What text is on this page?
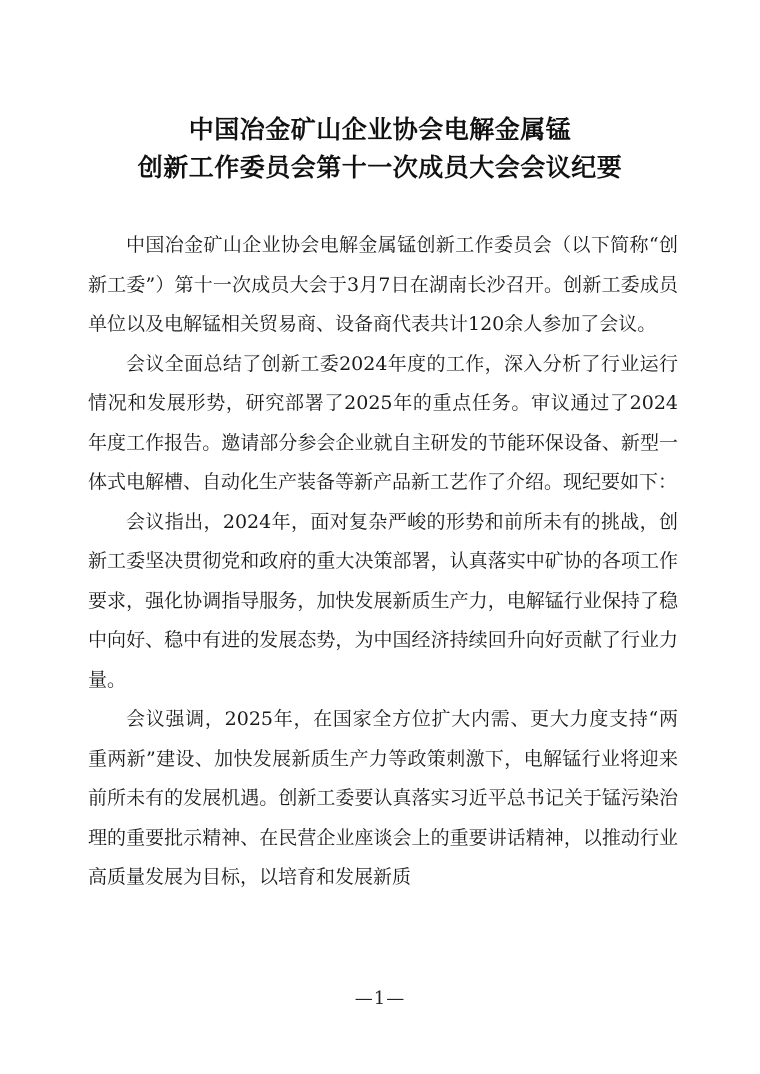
中国冶金矿山企业协会电解金属锰
创新工作委员会第十一次成员大会会议纪要

中国冶金矿山企业协会电解金属锰创新工作委员会（以下简称“创新工委”）第十一次成员大会于3月7日在湖南长沙召开。创新工委成员单位以及电解锰相关贸易商、设备商代表共计120余人参加了会议。

会议全面总结了创新工委2024年度的工作，深入分析了行业运行情况和发展形势，研究部署了2025年的重点任务。审议通过了2024年度工作报告。邀请部分参会企业就自主研发的节能环保设备、新型一体式电解槽、自动化生产装备等新产品新工艺作了介绍。现纪要如下：

会议指出，2024年，面对复杂严峻的形势和前所未有的挑战，创新工委坚决贯彻党和政府的重大决策部署，认真落实中矿协的各项工作要求，强化协调指导服务，加快发展新质生产力，电解锰行业保持了稳中向好、稳中有进的发展态势，为中国经济持续回升向好贡献了行业力量。

会议强调，2025年，在国家全方位扩大内需、更大力度支持“两重两新”建设、加快发展新质生产力等政策刺激下，电解锰行业将迎来前所未有的发展机遇。创新工委要认真落实习近平总书记关于锰污染治理的重要批示精神、在民营企业座谈会上的重要讲话精神，以推动行业高质量发展为目标，以培育和发展新质

—1—
